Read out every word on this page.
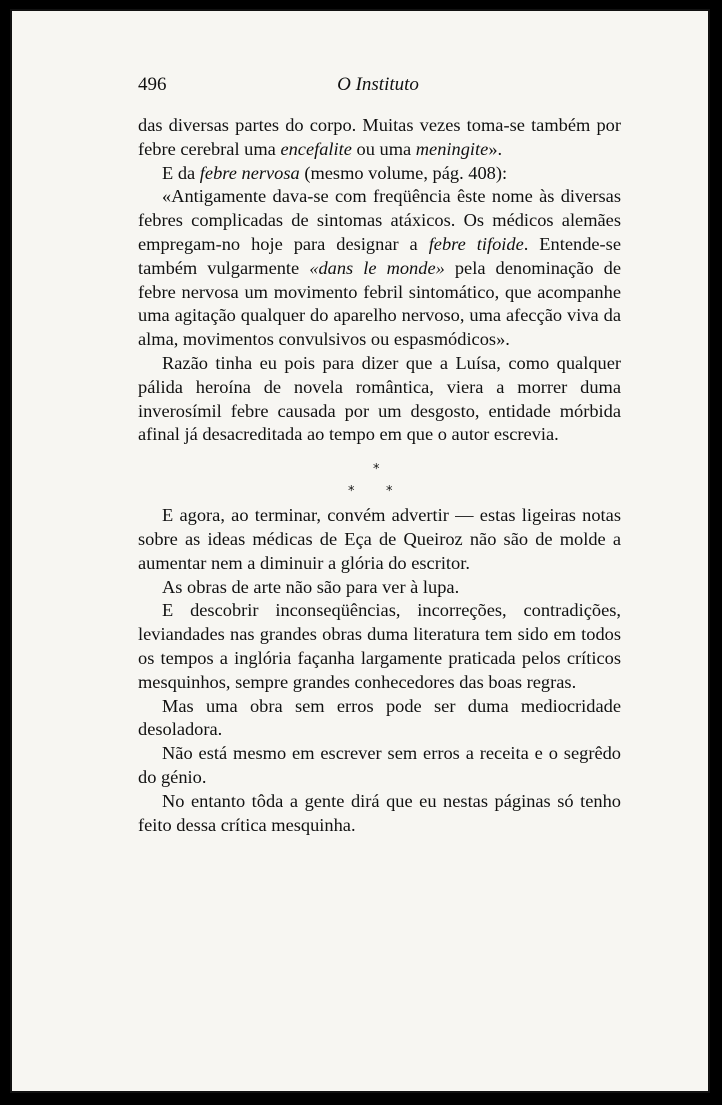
496	O Instituto

das diversas partes do corpo. Muitas vezes toma-se também por febre cerebral uma encefalite ou uma meningite».

E da febre nervosa (mesmo volume, pág. 408):

«Antigamente dava-se com freqüência êste nome às diversas febres complicadas de sintomas atáxicos. Os médicos alemães empregam-no hoje para designar a febre tifoide. Entende-se também vulgarmente «dans le monde» pela denominação de febre nervosa um movimento febril sintomático, que acompanhe uma agitação qualquer do aparelho nervoso, uma afecção viva da alma, movimentos convulsivos ou espasmódicos».

Razão tinha eu pois para dizer que a Luísa, como qualquer pálida heroína de novela romântica, viera a morrer duma inverosímil febre causada por um desgosto, entidade mórbida afinal já desacreditada ao tempo em que o autor escrevia.

*
* *

E agora, ao terminar, convém advertir — estas ligeiras notas sobre as ideas médicas de Eça de Queiroz não são de molde a aumentar nem a diminuir a glória do escritor.

As obras de arte não são para ver à lupa.

E descobrir inconseqüências, incorreções, contradições, leviandades nas grandes obras duma literatura tem sido em todos os tempos a inglória façanha largamente praticada pelos críticos mesquinhos, sempre grandes conhecedores das boas regras.

Mas uma obra sem erros pode ser duma mediocridade desoladora.

Não está mesmo em escrever sem erros a receita e o segrêdo do génio.

No entanto tôda a gente dirá que eu nestas páginas só tenho feito dessa crítica mesquinha.
